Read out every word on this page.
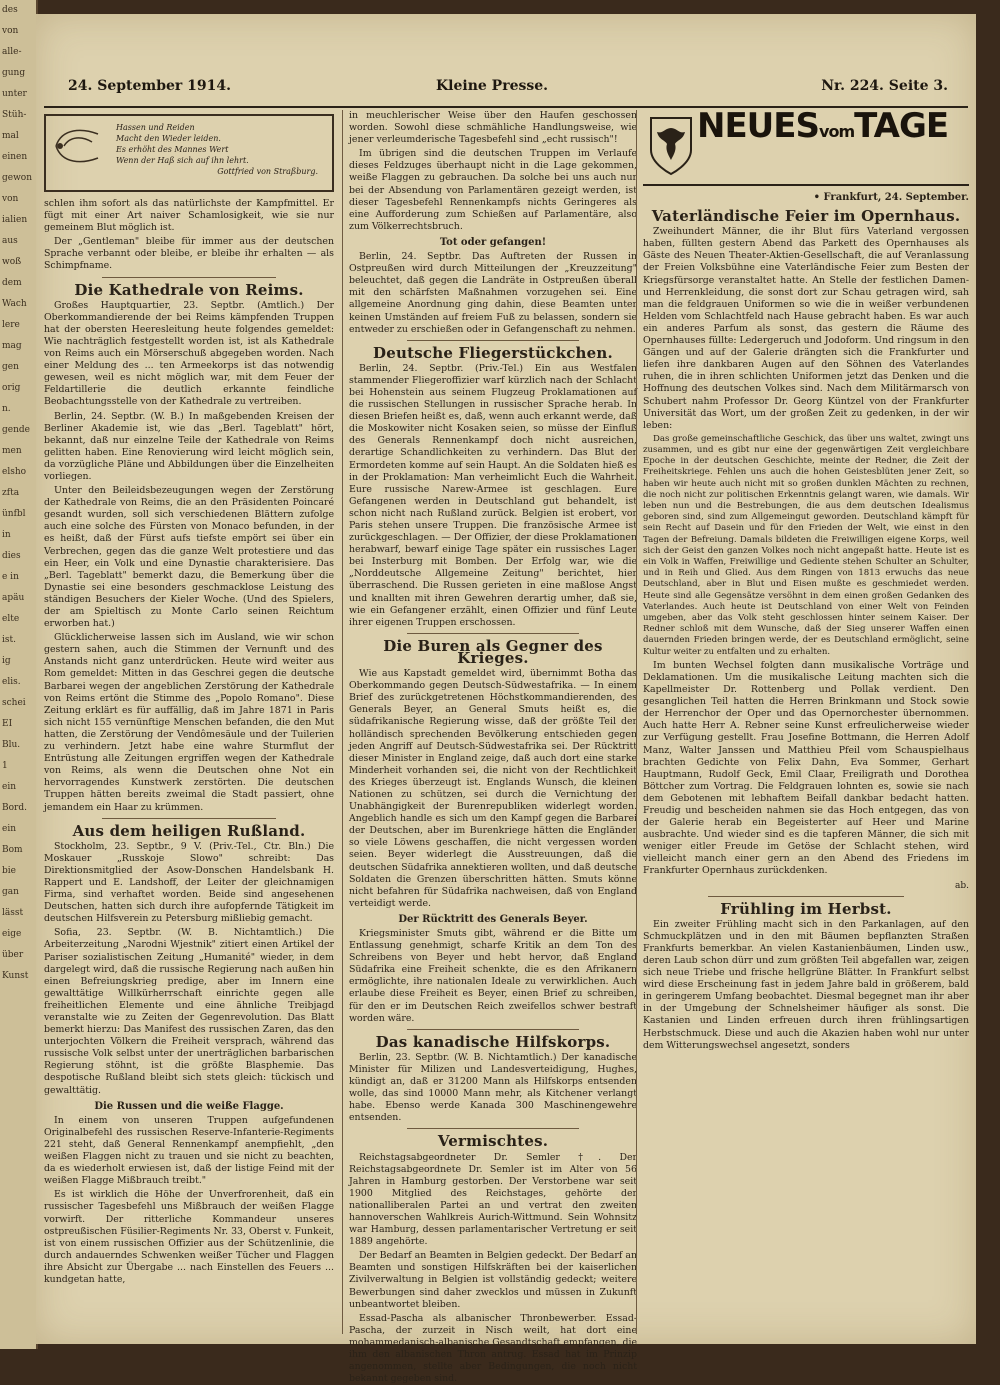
des
von
alle-
gung
unter
Stüh-
mal
einen
gewon
von
ialien
aus
woß
dem
Wach
lere
mag
gen
orig
n.
gende
men
elsho
zfta
ünfbl
in
dies
e in
apäu
elte
ist.
ig
elis.
schei
EI
Blu.
1
ein
Bord.
ein
Bom
bie
gan
lässt
eige
über
Kunst
24. September 1914.	Kleine Presse.	Nr. 224. Seite 3.
Hassen und Reiden
Macht den Wieder leiden.
Es erhöht des Mannes Wert
Wenn der Haß sich auf ihn lehrt.
Gottfried von Straßburg.

schlen ihm sofort als das natürlichste der Kampfmittel. Er fügt mit einer Art naiver Schamlosigkeit, wie sie nur gemeinem Blut möglich ist.

Der „Gentleman" bleibe für immer aus der deutschen Sprache verbannt oder bleibe, er bleibe ihr erhalten — als Schimpfname.

Die Kathedrale von Reims.

Großes Hauptquartier, 23. Septbr. (Amtlich.) Der Oberkommandierende der bei Reims kämpfenden Truppen hat der obersten Heeresleitung heute folgendes gemeldet: Wie nachträglich festgestellt worden ist, ist als Kathedrale von Reims auch ein Mörserschuß abgegeben worden. Nach einer Meldung des ... ten Armeekorps ist das notwendig gewesen, weil es nicht möglich war, mit dem Feuer der Feldartillerie die deutlich erkannte feindliche Beobachtungsstelle von der Kathedrale zu vertreiben.

Berlin, 24. Septbr. (W. B.) In maßgebenden Kreisen der Berliner Akademie ist, wie das „Berl. Tageblatt" hört, bekannt, daß nur einzelne Teile der Kathedrale von Reims gelitten haben. Eine Renovierung wird leicht möglich sein, da vorzügliche Pläne und Abbildungen über die Einzelheiten vorliegen.

Unter den Beileidsbezeugungen wegen der Zerstörung der Kathedrale von Reims, die an den Präsidenten Poincaré gesandt wurden, soll sich verschiedenen Blättern zufolge auch eine solche des Fürsten von Monaco befunden, in der es heißt, daß der Fürst aufs tiefste empört sei über ein Verbrechen, gegen das die ganze Welt protestiere und das ein Heer, ein Volk und eine Dynastie charakterisiere. Das „Berl. Tageblatt" bemerkt dazu, die Bemerkung über die Dynastie sei eine besonders geschmacklose Leistung des ständigen Besuchers der Kieler Woche. (Und des Spielers, der am Spieltisch zu Monte Carlo seinen Reichtum erworben hat.)

Glücklicherweise lassen sich im Ausland, wie wir schon gestern sahen, auch die Stimmen der Vernunft und des Anstands nicht ganz unterdrücken. Heute wird weiter aus Rom gemeldet: Mitten in das Geschrei gegen die deutsche Barbarei wegen der angeblichen Zerstörung der Kathedrale von Reims ertönt die Stimme des „Popolo Romano". Diese Zeitung erklärt es für auffällig, daß im Jahre 1871 in Paris sich nicht 155 vernünftige Menschen befanden, die den Mut hatten, die Zerstörung der Vendômesäule und der Tuilerien zu verhindern. Jetzt habe eine wahre Sturmflut der Entrüstung alle Zeitungen ergriffen wegen der Kathedrale von Reims, als wenn die Deutschen ohne Not ein hervorragendes Kunstwerk zerstörten. Die deutschen Truppen hätten bereits zweimal die Stadt passiert, ohne jemandem ein Haar zu krümmen.

Aus dem heiligen Rußland.

Stockholm, 23. Septbr., 9 V. (Priv.-Tel., Ctr. Bln.) Die Moskauer „Russkoje Slowo" schreibt: Das Direktionsmitglied der Asow-Donschen Handelsbank H. Rappert und E. Landshoff, der Leiter der gleichnamigen Firma, sind verhaftet worden. Beide sind angesehenen Deutschen, hatten sich durch ihre aufopfernde Tätigkeit im deutschen Hilfsverein zu Petersburg mißliebig gemacht.

Sofia, 23. Septbr. (W. B. Nichtamtlich.) Die Arbeiterzeitung „Narodni Wjestnik" zitiert einen Artikel der Pariser sozialistischen Zeitung „Humanité" wieder, in dem dargelegt wird, daß die russische Regierung nach außen hin einen Befreiungskrieg predige, aber im Innern eine gewalttätige Willkürherrschaft einrichte gegen alle freiheitlichen Elemente und eine ähnliche Treibjagd veranstalte wie zu Zeiten der Gegenrevolution. Das Blatt bemerkt hierzu: Das Manifest des russischen Zaren, das den unterjochten Völkern die Freiheit versprach, während das russische Volk selbst unter der unerträglichen barbarischen Regierung stöhnt, ist die größte Blasphemie. Das despotische Rußland bleibt sich stets gleich: tückisch und gewalttätig.

Die Russen und die weiße Flagge.

In einem von unseren Truppen aufgefundenen Originalbefehl des russischen Reserve-Infanterie-Regiments 221 steht, daß General Rennenkampf anempfiehlt, „den weißen Flaggen nicht zu trauen und sie nicht zu beachten, da es wiederholt erwiesen ist, daß der listige Feind mit der weißen Flagge Mißbrauch treibt."

Es ist wirklich die Höhe der Unverfrorenheit, daß ein russischer Tagesbefehl uns Mißbrauch der weißen Flagge vorwirft. Der ritterliche Kommandeur unseres ostpreußischen Füsilier-Regiments Nr. 33, Oberst v. Funkeit, ist von einem russischen Offizier aus der Schützenlinie, die durch andauerndes Schwenken weißer Tücher und Flaggen ihre Absicht zur Übergabe ... nach Einstellen des Feuers ... kundgetan hatte,

in meuchlerischer Weise über den Haufen geschossen worden. Sowohl diese schmähliche Handlungsweise, wie jener verleumderische Tagesbefehl sind „echt russisch"!

Im übrigen sind die deutschen Truppen im Verlaufe dieses Feldzuges überhaupt nicht in die Lage gekommen, weiße Flaggen zu gebrauchen. Da solche bei uns auch nur bei der Absendung von Parlamentären gezeigt werden, ist dieser Tagesbefehl Rennenkampfs nichts Geringeres als eine Aufforderung zum Schießen auf Parlamentäre, also zum Völkerrechtsbruch.

Tot oder gefangen!

Berlin, 24. Septbr. Das Auftreten der Russen in Ostpreußen wird durch Mitteilungen der „Kreuzzeitung" beleuchtet, daß gegen die Landräte in Ostpreußen überall mit den schärfsten Maßnahmen vorzugehen sei. Eine allgemeine Anordnung ging dahin, diese Beamten unter keinen Umständen auf freiem Fuß zu belassen, sondern sie entweder zu erschießen oder in Gefangenschaft zu nehmen.

Deutsche Fliegerstückchen.

Berlin, 24. Septbr. (Priv.-Tel.) Ein aus Westfalen stammender Fliegeroffizier warf kürzlich nach der Schlacht bei Hohenstein aus seinem Flugzeug Proklamationen auf die russischen Stellungen in russischer Sprache herab. In diesen Briefen heißt es, daß, wenn auch erkannt werde, daß die Moskowiter nicht Kosaken seien, so müsse der Einfluß des Generals Rennenkampf doch nicht ausreichen, derartige Schandlichkeiten zu verhindern. Das Blut der Ermordeten komme auf sein Haupt. An die Soldaten hieß es in der Proklamation: Man verheimlicht Euch die Wahrheit. Eure russische Narew-Armee ist geschlagen. Eure Gefangenen werden in Deutschland gut behandelt, ist schon nicht nach Rußland zurück. Belgien ist erobert, vor Paris stehen unsere Truppen. Die französische Armee ist zurückgeschlagen. — Der Offizier, der diese Proklamationen herabwarf, bewarf einige Tage später ein russisches Lager bei Insterburg mit Bomben. Der Erfolg war, wie die „Norddeutsche Allgemeine Zeitung" berichtet, hier überraschend. Die Russen gerieten in eine maßlose Angst und knallten mit ihren Gewehren derartig umher, daß sie, wie ein Gefangener erzählt, einen Offizier und fünf Leute ihrer eigenen Truppen erschossen.

Die Buren als Gegner des Krieges.

Wie aus Kapstadt gemeldet wird, übernimmt Botha das Oberkommando gegen Deutsch-Südwestafrika. — In einem Brief des zurückgetretenen Höchstkommandierenden, des Generals Beyer, an General Smuts heißt es, die südafrikanische Regierung wisse, daß der größte Teil der holländisch sprechenden Bevölkerung entschieden gegen jeden Angriff auf Deutsch-Südwestafrika sei. Der Rücktritt dieser Minister in England zeige, daß auch dort eine starke Minderheit vorhanden sei, die nicht von der Rechtlichkeit des Krieges überzeugt ist. Englands Wunsch, die kleinen Nationen zu schützen, sei durch die Vernichtung der Unabhängigkeit der Burenrepubliken widerlegt worden. Angeblich handle es sich um den Kampf gegen die Barbarei der Deutschen, aber im Burenkriege hätten die Engländer so viele Löwens geschaffen, die nicht vergessen worden seien. Beyer widerlegt die Ausstreuungen, daß die deutschen Südafrika annektieren wollten, und daß deutsche Soldaten die Grenzen überschritten hätten. Smuts könne nicht befahren für Südafrika nachweisen, daß von England verteidigt werde.

Der Rücktritt des Generals Beyer.

Kriegsminister Smuts gibt, während er die Bitte um Entlassung genehmigt, scharfe Kritik an dem Ton des Schreibens von Beyer und hebt hervor, daß England Südafrika eine Freiheit schenkte, die es den Afrikanern ermöglichte, ihre nationalen Ideale zu verwirklichen. Auch erlaube diese Freiheit es Beyer, einen Brief zu schreiben, für den er im Deutschen Reich zweifellos schwer bestraft worden wäre.

Das kanadische Hilfskorps.

Berlin, 23. Septbr. (W. B. Nichtamtlich.) Der kanadische Minister für Milizen und Landesverteidigung, Hughes, kündigt an, daß er 31200 Mann als Hilfskorps entsenden wolle, das sind 10000 Mann mehr, als Kitchener verlangt habe. Ebenso werde Kanada 300 Maschinengewehre entsenden.

Vermischtes.

Reichstagsabgeordneter Dr. Semler †. Der Reichstagsabgeordnete Dr. Semler ist im Alter von 56 Jahren in Hamburg gestorben. Der Verstorbene war seit 1900 Mitglied des Reichstages, gehörte der nationalliberalen Partei an und vertrat den zweiten hannoverschen Wahlkreis Aurich-Wittmund. Sein Wohnsitz war Hamburg, dessen parlamentarischer Vertretung er seit 1889 angehörte.

Der Bedarf an Beamten in Belgien gedeckt. Der Bedarf an Beamten und sonstigen Hilfskräften bei der kaiserlichen Zivilverwaltung in Belgien ist vollständig gedeckt; weitere Bewerbungen sind daher zwecklos und müssen in Zukunft unbeantwortet bleiben.

Essad-Pascha als albanischer Thronbewerber. Essad-Pascha, der zurzeit in Nisch weilt, hat dort eine mohammedanisch-albanische Gesandtschaft empfangen, die ihm den albanischen Thron antrug. Essad hat im Prinzip angenommen, stellte aber Bedingungen, die noch nicht bekannt gegeben sind.

NEUESvomTAGE
• Frankfurt, 24. September.
Vaterländische Feier im Opernhaus.

Zweihundert Männer, die ihr Blut fürs Vaterland vergossen haben, füllten gestern Abend das Parkett des Opernhauses als Gäste des Neuen Theater-Aktien-Gesellschaft, die auf Veranlassung der Freien Volksbühne eine Vaterländische Feier zum Besten der Kriegsfürsorge veranstaltet hatte. An Stelle der festlichen Damen- und Herrenkleidung, die sonst dort zur Schau getragen wird, sah man die feldgrauen Uniformen so wie die in weißer verbundenen Helden vom Schlachtfeld nach Hause gebracht haben. Es war auch ein anderes Parfum als sonst, das gestern die Räume des Opernhauses füllte: Ledergeruch und Jodoform. Und ringsum in den Gängen und auf der Galerie drängten sich die Frankfurter und liefen ihre dankbaren Augen auf den Söhnen des Vaterlandes ruhen, die in ihren schlichten Uniformen jetzt das Denken und die Hoffnung des deutschen Volkes sind. Nach dem Militärmarsch von Schubert nahm Professor Dr. Georg Küntzel von der Frankfurter Universität das Wort, um der großen Zeit zu gedenken, in der wir leben:

Das große gemeinschaftliche Geschick, das über uns waltet, zwingt uns zusammen, und es gibt nur eine der gegenwärtigen Zeit vergleichbare Epoche in der deutschen Geschichte, meinte der Redner, die Zeit der Freiheitskriege. Fehlen uns auch die hohen Geistesblüten jener Zeit, so haben wir heute auch nicht mit so großen dunklen Mächten zu rechnen, die noch nicht zur politischen Erkenntnis gelangt waren, wie damals. Wir leben nun und die Bestrebungen, die aus dem deutschen Idealismus geboren sind, sind zum Allgemeingut geworden. Deutschland kämpft für sein Recht auf Dasein und für den Frieden der Welt, wie einst in den Tagen der Befreiung. Damals bildeten die Freiwilligen eigene Korps, weil sich der Geist den ganzen Volkes noch nicht angepaßt hatte. Heute ist es ein Volk in Waffen, Freiwillige und Gediente stehen Schulter an Schulter, und in Reih und Glied. Aus dem Ringen von 1813 erwuchs das neue Deutschland, aber in Blut und Eisen mußte es geschmiedet werden. Heute sind alle Gegensätze versöhnt in dem einen großen Gedanken des Vaterlandes. Auch heute ist Deutschland von einer Welt von Feinden umgeben, aber das Volk steht geschlossen hinter seinem Kaiser. Der Redner schloß mit dem Wunsche, daß der Sieg unserer Waffen einen dauernden Frieden bringen werde, der es Deutschland ermöglicht, seine Kultur weiter zu entfalten und zu erhalten.

Im bunten Wechsel folgten dann musikalische Vorträge und Deklamationen. Um die musikalische Leitung machten sich die Kapellmeister Dr. Rottenberg und Pollak verdient. Den gesanglichen Teil hatten die Herren Brinkmann und Stock sowie der Herrenchor der Oper und das Opernorchester übernommen. Auch hatte Herr A. Rebner seine Kunst erfreulicherweise wieder zur Verfügung gestellt. Frau Josefine Bottmann, die Herren Adolf Manz, Walter Janssen und Matthieu Pfeil vom Schauspielhaus brachten Gedichte von Felix Dahn, Eva Sommer, Gerhart Hauptmann, Rudolf Geck, Emil Claar, Freiligrath und Dorothea Böttcher zum Vortrag. Die Feldgrauen lohnten es, sowie sie nach dem Gebotenen mit lebhaftem Beifall dankbar bedacht hatten. Freudig und bescheiden nahmen sie das Hoch entgegen, das von der Galerie herab ein Begeisterter auf Heer und Marine ausbrachte. Und wieder sind es die tapferen Männer, die sich mit weniger eitler Freude im Getöse der Schlacht stehen, wird vielleicht manch einer gern an den Abend des Friedens im Frankfurter Opernhaus zurückdenken.

ab.
Frühling im Herbst.

Ein zweiter Frühling macht sich in den Parkanlagen, auf den Schmuckplätzen und in den mit Bäumen bepflanzten Straßen Frankfurts bemerkbar. An vielen Kastanienbäumen, Linden usw., deren Laub schon dürr und zum größten Teil abgefallen war, zeigen sich neue Triebe und frische hellgrüne Blätter. In Frankfurt selbst wird diese Erscheinung fast in jedem Jahre bald in größerem, bald in geringerem Umfang beobachtet. Diesmal begegnet man ihr aber in der Umgebung der Schnelsheimer häufiger als sonst. Die Kastanien und Linden erfreuen durch ihren frühlingsartigen Herbstschmuck. Diese und auch die Akazien haben wohl nur unter dem Witterungswechsel angesetzt, sonders
